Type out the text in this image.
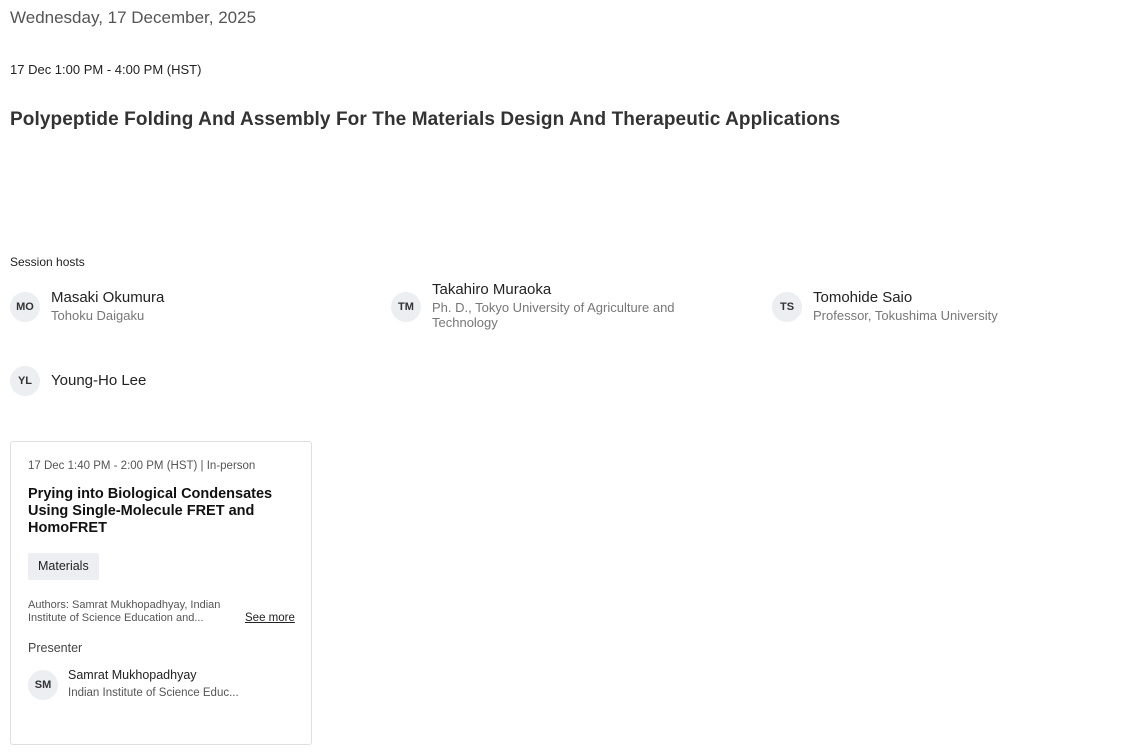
Wednesday, 17 December, 2025
17 Dec 1:00 PM - 4:00 PM (HST)
Polypeptide Folding And Assembly For The Materials Design And Therapeutic Applications
Session hosts
MO
Masaki Okumura
Tohoku Daigaku
TM
Takahiro Muraoka
Ph. D., Tokyo University of Agriculture and Technology
TS
Tomohide Saio
Professor, Tokushima University
YL	Young-Ho Lee
17 Dec 1:40 PM - 2:00 PM (HST) | In-person
Prying into Biological Condensates Using Single-Molecule FRET and HomoFRET
Materials
Authors: Samrat Mukhopadhyay, Indian Institute of Science Education and...	See more
Presenter
SM
Samrat Mukhopadhyay
Indian Institute of Science Educ...
